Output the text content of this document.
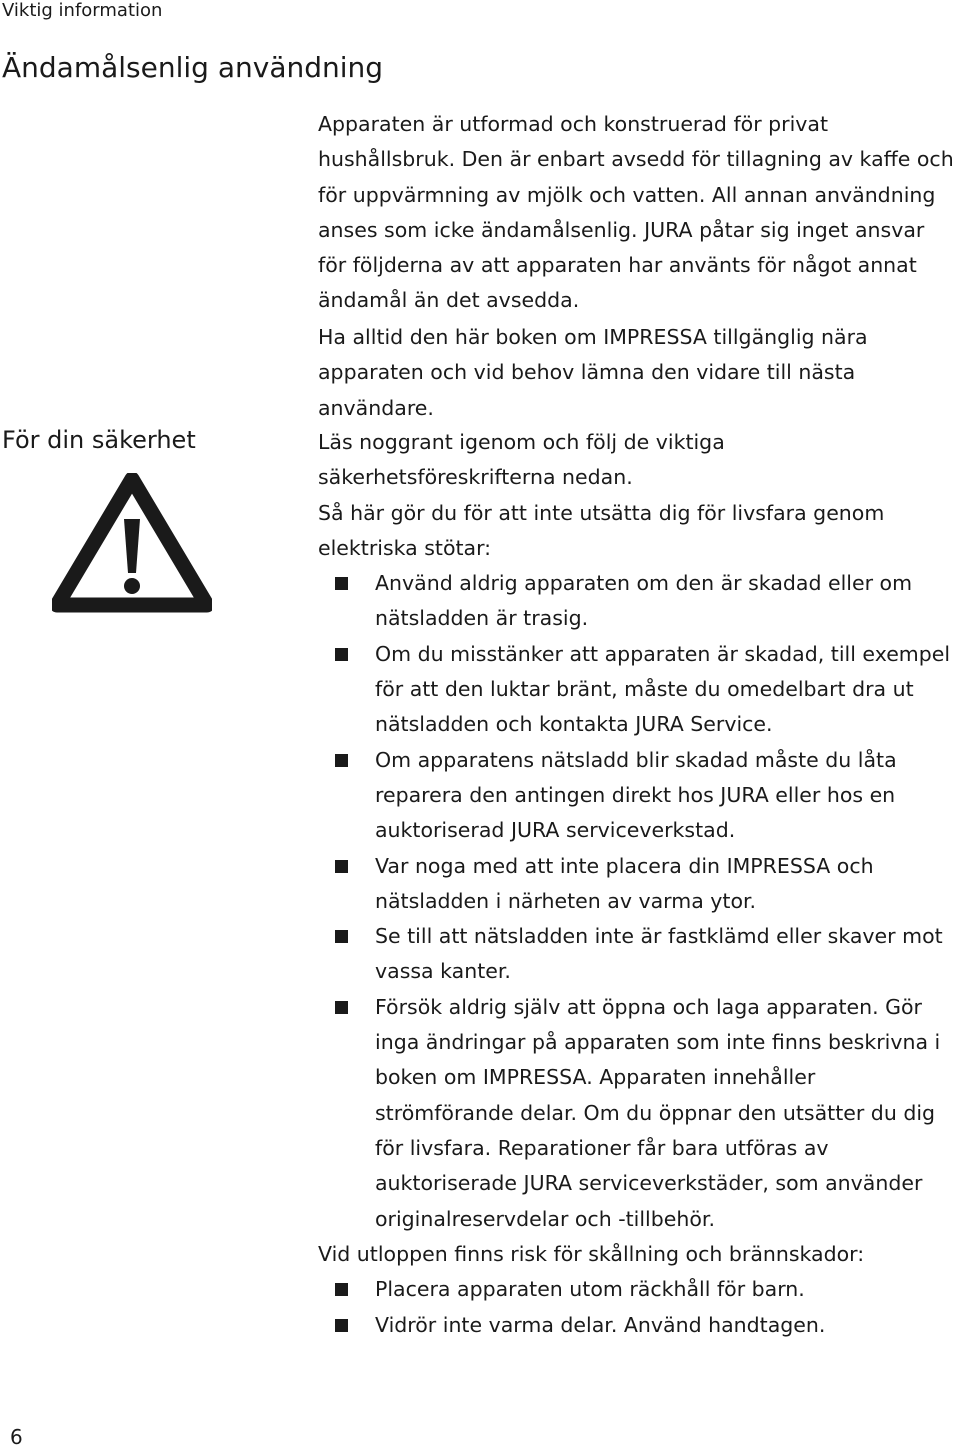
Viktig information
Ändamålsenlig användning

Apparaten är utformad och konstruerad för privat hushållsbruk. Den är enbart avsedd för tillagning av kaffe och för uppvärmning av mjölk och vatten. All annan användning anses som icke ändamålsenlig. JURA påtar sig inget ansvar för följderna av att apparaten har använts för något annat ändamål än det avsedda.

Ha alltid den här boken om IMPRESSA tillgänglig nära apparaten och vid behov lämna den vidare till nästa användare.

För din säkerhet	Läs noggrant igenom och följ de viktiga säkerhetsföreskrifterna nedan.

Så här gör du för att inte utsätta dig för livsfara genom elektriska stötar:

Använd aldrig apparaten om den är skadad eller om nätsladden är trasig.
Om du misstänker att apparaten är skadad, till exempel för att den luktar bränt, måste du omedelbart dra ut nätsladden och kontakta JURA Service.
Om apparatens nätsladd blir skadad måste du låta reparera den antingen direkt hos JURA eller hos en auktoriserad JURA serviceverkstad.
Var noga med att inte placera din IMPRESSA och nätsladden i närheten av varma ytor.
Se till att nätsladden inte är fastklämd eller skaver mot vassa kanter.
Försök aldrig själv att öppna och laga apparaten. Gör inga ändringar på apparaten som inte finns beskrivna i boken om IMPRESSA. Apparaten innehåller strömförande delar. Om du öppnar den utsätter du dig för livsfara. Reparationer får bara utföras av auktoriserade JURA serviceverkstäder, som använder originalreservdelar och -tillbehör.

Vid utloppen finns risk för skållning och brännskador:

Placera apparaten utom räckhåll för barn.
Vidrör inte varma delar. Använd handtagen.
6
